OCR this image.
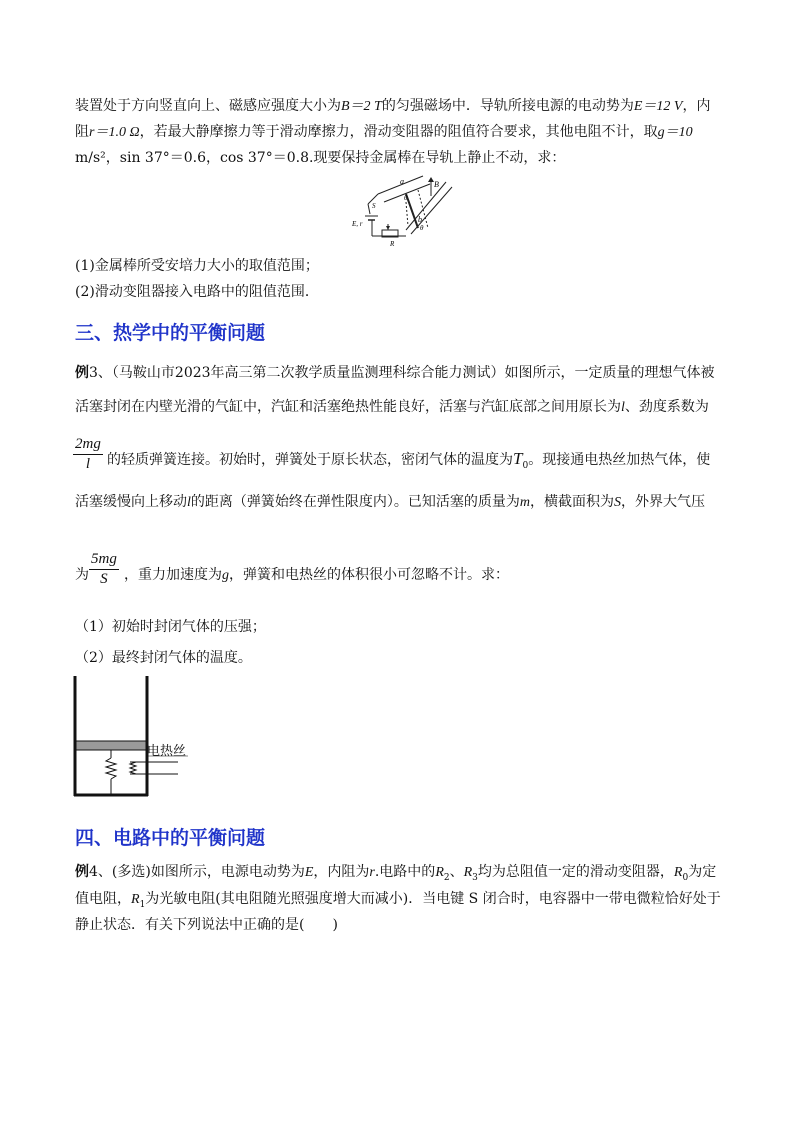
装置处于方向竖直向上、磁感应强度大小为B＝2 T的匀强磁场中．导轨所接电源的电动势为E＝12 V，内
阻r＝1.0 Ω，若最大静摩擦力等于滑动摩擦力，滑动变阻器的阻值符合要求，其他电阻不计，取g＝10
m/s²，sin 37°＝0.6，cos 37°＝0.8.现要保持金属棒在导轨上静止不动，求：
B
a
b
θ
θ
S
E, r
R
(1)金属棒所受安培力大小的取值范围；
(2)滑动变阻器接入电路中的阻值范围．
三、热学中的平衡问题
例3、（马鞍山市2023年高三第二次教学质量监测理科综合能力测试）如图所示，一定质量的理想气体被
活塞封闭在内壁光滑的气缸中，汽缸和活塞绝热性能良好，活塞与汽缸底部之间用原长为l、劲度系数为
2mg
l	的轻质弹簧连接。初始时，弹簧处于原长状态，密闭气体的温度为$T_0$。现接通电热丝加热气体，使
活塞缓慢向上移动l的距离（弹簧始终在弹性限度内）。已知活塞的质量为m，横截面积为S，外界大气压
为
5mg
S	，重力加速度为g，弹簧和电热丝的体积很小可忽略不计。求：
（1）初始时封闭气体的压强；
（2）最终封闭气体的温度。
电热丝
四、电路中的平衡问题
例4、(多选)如图所示，电源电动势为E，内阻为r.电路中的$R_2$、$R_3$均为总阻值一定的滑动变阻器，$R_0$为定
值电阻，$R_1$为光敏电阻(其电阻随光照强度增大而减小)．当电键 S 闭合时，电容器中一带电微粒恰好处于
静止状态．有关下列说法中正确的是(　　)
